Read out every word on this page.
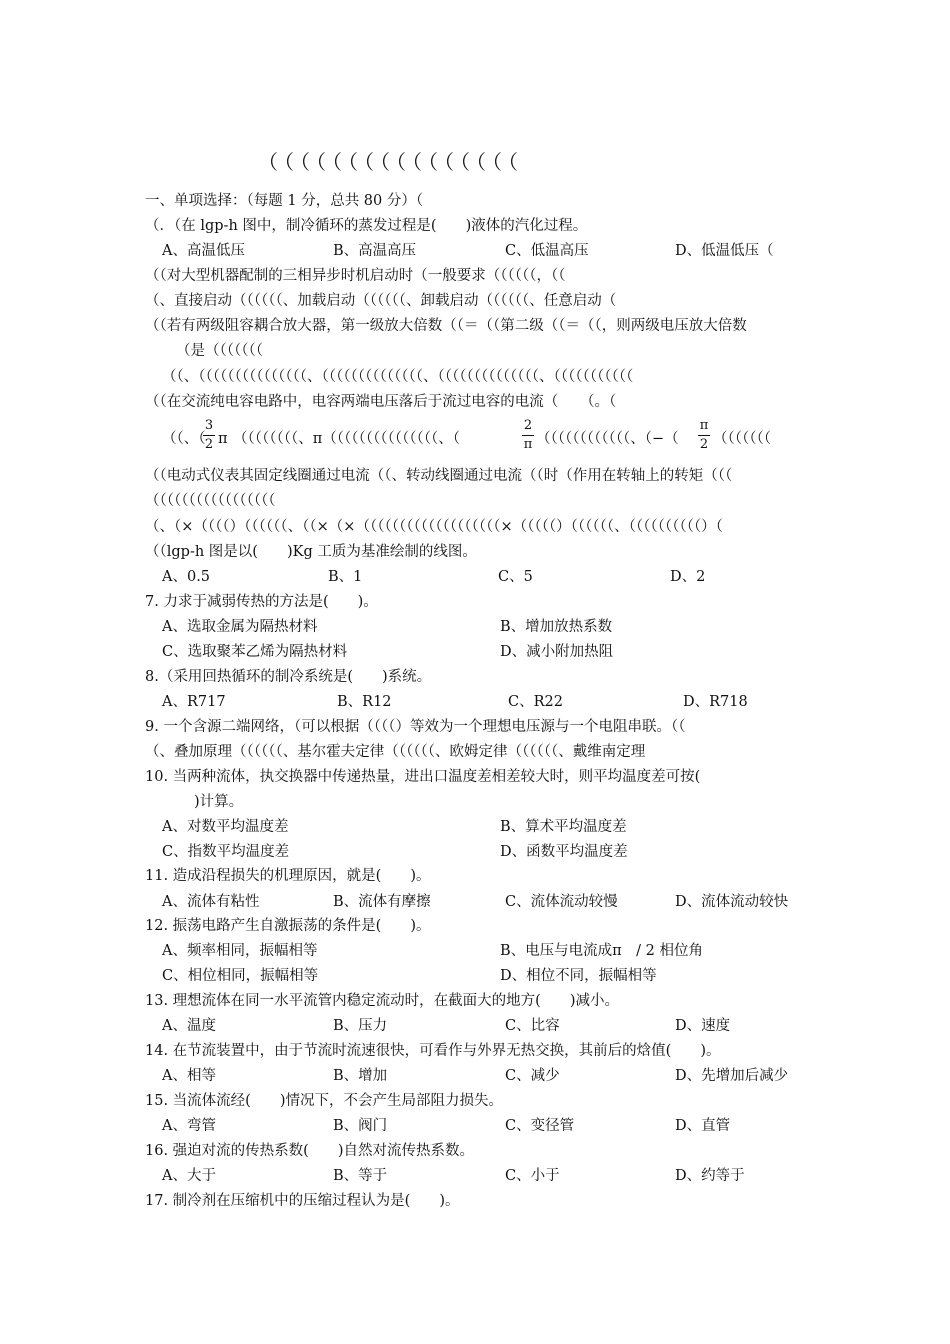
（（（（（（（（（（（（（（（（
一、单项选择：（每题 1 分，总共 80 分）（
（．（在 lgp-h 图中，制冷循环的蒸发过程是(　　)液体的汽化过程。
A、高温低压	B、高温高压	C、低温高压	D、低温低压（
（（对大型机器配制的三相异步时机启动时（一般要求（（（（（（，（（
（、直接启动（（（（（（、加载启动（（（（（（、卸载启动（（（（（（、任意启动（
（（若有两级阻容耦合放大器，第一级放大倍数（（＝（（第二级（（＝（（，则两级电压放大倍数
（是（（（（（（（
（（、（（（（（（（（（（（（（（（、（（（（（（（（（（（（（（、（（（（（（（（（（（（（（、（（（（（（（（（（（
（（在交流纯电容电路中，电容两端电压落后于流过电容的电流（　　（。（
（（、（
3
2 π （（（（（（（（、π（（（（（（（（（（（（（（（、（
2
π （（（（（（（（（（（（、（−（
π
2 （（（（（（（
（（电动式仪表其固定线圈通过电流（（、转动线圈通过电流（（时（作用在转轴上的转矩（（（
（（（（（（（（（（（（（（（（（
（、（×（（（（）（（（（（（、（（×（×（（（（（（（（（（（（（（（（（（（×（（（（（）（（（（（（、（（（（（（（（（（）（
（（lgp-h 图是以(　　)Kg 工质为基准绘制的线图。
A、0.5	B、1	C、5	D、2
7. 力求于减弱传热的方法是(　　)。
A、选取金属为隔热材料	B、增加放热系数
C、选取聚苯乙烯为隔热材料	D、减小附加热阻
8.（采用回热循环的制冷系统是(　　)系统。
A、R717	B、R12	C、R22	D、R718
9. 一个含源二端网络，（可以根据（（（（）等效为一个理想电压源与一个电阻串联。（（
（、叠加原理（（（（（（、基尔霍夫定律（（（（（（、欧姆定律（（（（（（、戴维南定理
10. 当两种流体，执交换器中传递热量，进出口温度差相差较大时，则平均温度差可按(
)计算。
A、对数平均温度差	B、算术平均温度差
C、指数平均温度差	D、函数平均温度差
11. 造成沿程损失的机理原因，就是(　　)。
A、流体有粘性	B、流体有摩擦	C、流体流动较慢	D、流体流动较快
12. 振荡电路产生自激振荡的条件是(　　)。
A、频率相同，振幅相等	B、电压与电流成π　/ 2 相位角
C、相位相同，振幅相等	D、相位不同，振幅相等
13. 理想流体在同一水平流管内稳定流动时，在截面大的地方(　　)减小。
A、温度	B、压力	C、比容	D、速度
14. 在节流装置中，由于节流时流速很快，可看作与外界无热交换，其前后的焓值(　　)。
A、相等	B、增加	C、减少	D、先增加后减少
15. 当流体流经(　　)情况下，不会产生局部阻力损失。
A、弯管	B、阀门	C、变径管	D、直管
16. 强迫对流的传热系数(　　)自然对流传热系数。
A、大于	B、等于	C、小于	D、约等于
17. 制冷剂在压缩机中的压缩过程认为是(　　)。
